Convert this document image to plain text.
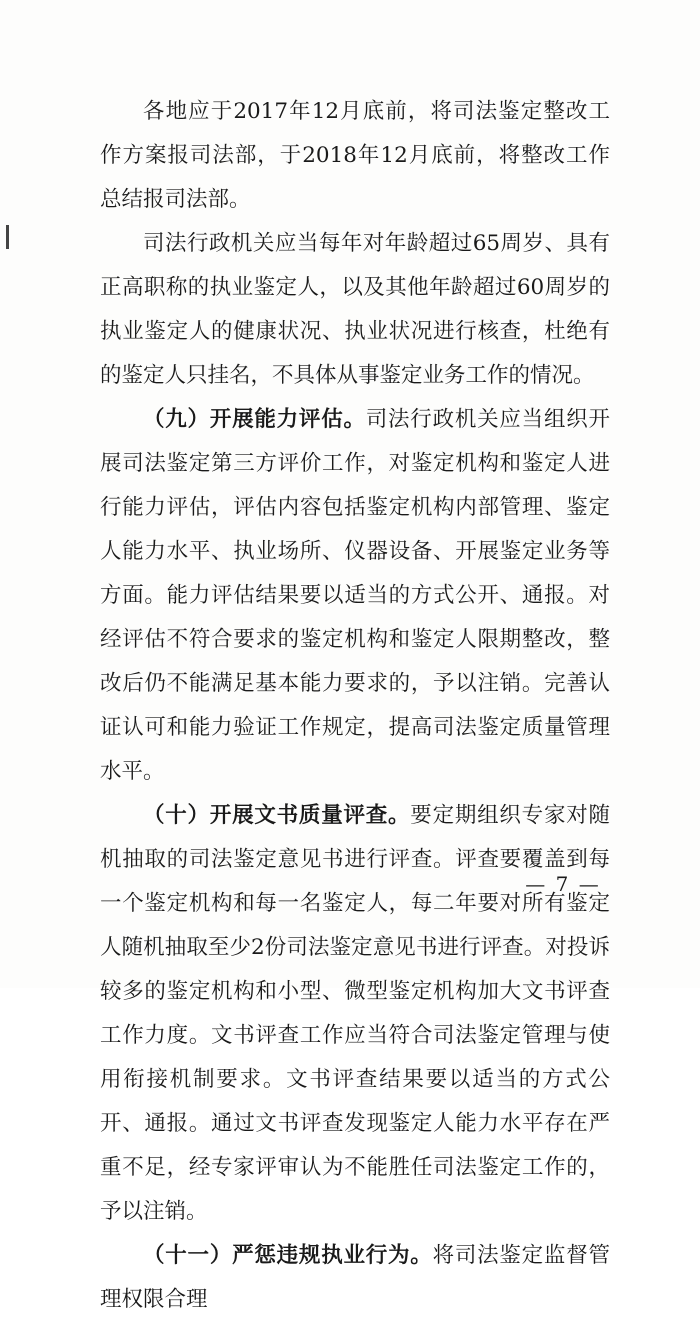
各地应于2017年12月底前，将司法鉴定整改工作方案报司法部，于2018年12月底前，将整改工作总结报司法部。

司法行政机关应当每年对年龄超过65周岁、具有正高职称的执业鉴定人，以及其他年龄超过60周岁的执业鉴定人的健康状况、执业状况进行核查，杜绝有的鉴定人只挂名，不具体从事鉴定业务工作的情况。

（九）开展能力评估。司法行政机关应当组织开展司法鉴定第三方评价工作，对鉴定机构和鉴定人进行能力评估，评估内容包括鉴定机构内部管理、鉴定人能力水平、执业场所、仪器设备、开展鉴定业务等方面。能力评估结果要以适当的方式公开、通报。对经评估不符合要求的鉴定机构和鉴定人限期整改，整改后仍不能满足基本能力要求的，予以注销。完善认证认可和能力验证工作规定，提高司法鉴定质量管理水平。

（十）开展文书质量评查。要定期组织专家对随机抽取的司法鉴定意见书进行评查。评查要覆盖到每一个鉴定机构和每一名鉴定人，每二年要对所有鉴定人随机抽取至少2份司法鉴定意见书进行评查。对投诉较多的鉴定机构和小型、微型鉴定机构加大文书评查工作力度。文书评查工作应当符合司法鉴定管理与使用衔接机制要求。文书评查结果要以适当的方式公开、通报。通过文书评查发现鉴定人能力水平存在严重不足，经专家评审认为不能胜任司法鉴定工作的，予以注销。

（十一）严惩违规执业行为。将司法鉴定监督管理权限合理

— 7 —
